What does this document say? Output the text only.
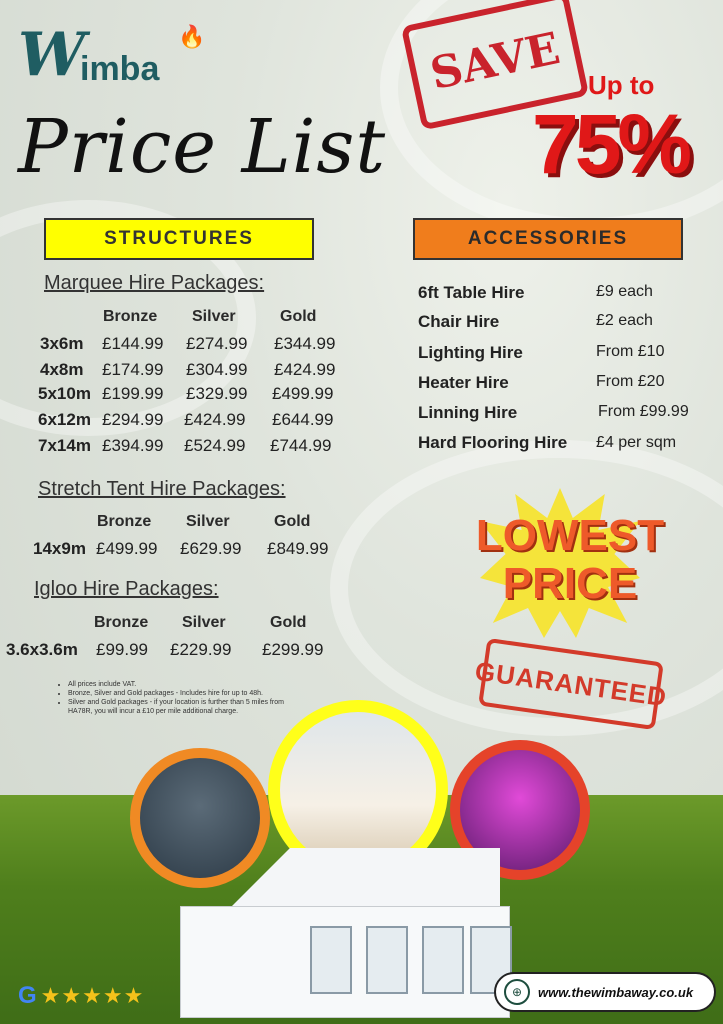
W
imba
🔥
Price List
SAVE Up to
75%
STRUCTURES	ACCESSORIES
Marquee Hire Packages:
Bronze Silver	Gold
3x6m £144.99 £274.99 £344.99
4x8m £174.99 £304.99 £424.99
5x10m £199.99 £329.99 £499.99
6x12m £294.99 £424.99 £644.99
7x14m £394.99 £524.99 £744.99
Stretch Tent Hire Packages:
Bronze Silver	Gold
14x9m £499.99 £629.99 £849.99
Igloo Hire Packages:
Bronze Silver	Gold
3.6x3.6m £99.99 £229.99 £299.99
6ft Table Hire	£9 each
Chair Hire	£2 each
Lighting Hire	From £10
Heater Hire	From £20
Linning Hire	From £99.99
Hard Flooring Hire £4 per sqm
• All prices include VAT.
• Bronze, Silver and Gold packages - Includes hire for up to 48h.
• Silver and Gold packages - if your location is further than 5 miles from HA78R, you will incur a £10 per mile additional charge.
LOWEST
PRICE
GUARANTEED
G ★★★★★	⊕	www.thewimbaway.co.uk
